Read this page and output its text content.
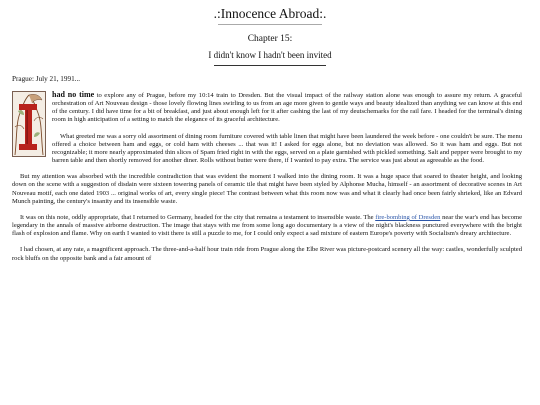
.:Innocence Abroad:.
Chapter 15:
I didn't know I hadn't been invited
Prague: July 21, 1991...

had no time to explore any of Prague, before my 10:14 train to Dresden. But the visual impact of the railway station alone was enough to assure my return. A graceful orchestration of Art Nouveau design - those lovely flowing lines swirling to us from an age more given to gentle ways and beauty idealized than anything we can know at this end of the century. I did have time for a bit of breakfast, and just about enough left for it after cashing the last of my deutschemarks for the rail fare. I headed for the terminal's dining room in high anticipation of a setting to match the elegance of its graceful architecture.

What greeted me was a sorry old assortment of dining room furniture covered with table linen that might have been laundered the week before - one couldn't be sure. The menu offered a choice between ham and eggs, or cold ham with cheeses ... that was it! I asked for eggs alone, but no deviation was allowed. So it was ham and eggs. But not recognizable; it more nearly approximated thin slices of Spam fried right in with the eggs, served on a plate garnished with pickled something. Salt and pepper were brought to my barren table and then shortly removed for another diner. Rolls without butter were there, if I wanted to pay extra. The service was just about as agreeable as the food.

But my attention was absorbed with the incredible contradiction that was evident the moment I walked into the dining room. It was a huge space that soared to theater height, and looking down on the scene with a suggestion of disdain were sixteen towering panels of ceramic tile that might have been styled by Alphonse Mucha, himself - an assortment of decorative scenes in Art Nouveau motif, each one dated 1903 ... original works of art, every single piece! The contrast between what this room now was and what it clearly had once been fairly shrieked, like an Edvard Munch painting, the century's insanity and its insensible waste.

It was on this note, oddly appropriate, that I returned to Germany, headed for the city that remains a testament to insensible waste. The fire-bombing of Dresden near the war's end has become legendary in the annals of massive airborne destruction. The image that stays with me from some long ago documentary is a view of the night's blackness punctured everywhere with the bright flash of explosion and flame. Why on earth I wanted to visit there is still a puzzle to me, for I could only expect a sad mixture of eastern Europe's poverty with Socialism's dreary architecture.

I had chosen, at any rate, a magnificent approach. The three-and-a-half hour train ride from Prague along the Elbe River was picture-postcard scenery all the way: castles, wonderfully sculpted rock bluffs on the opposite bank and a fair amount of
